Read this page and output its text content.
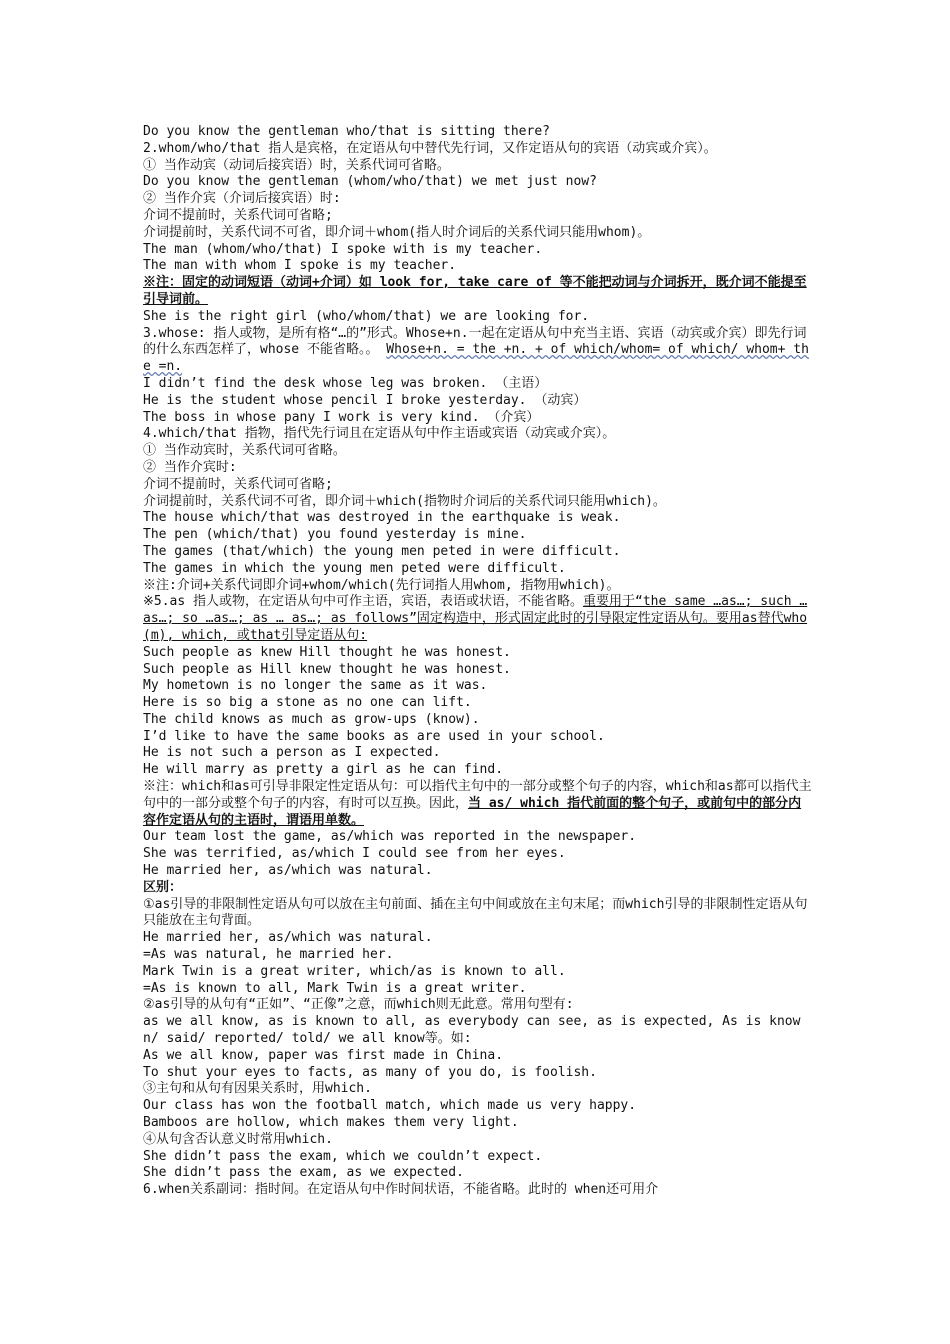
Do you know the gentleman who/that is sitting there?
2.whom/who/that 指人是宾格，在定语从句中替代先行词，又作定语从句的宾语（动宾或介宾）。
① 当作动宾（动词后接宾语）时，关系代词可省略。
Do you know the gentleman (whom/who/that) we met just now?
② 当作介宾（介词后接宾语）时:
介词不提前时，关系代词可省略;
介词提前时，关系代词不可省，即介词＋whom(指人时介词后的关系代词只能用whom)。
The man (whom/who/that) I spoke with is my teacher.
The man with whom I spoke is my teacher.
※注：固定的动词短语（动词+介词）如 look for, take care of 等不能把动词与介词拆开，既介词不能提至引导词前。
She is the right girl (who/whom/that) we are looking for.
3.whose: 指人或物，是所有格“…的”形式。Whose+n.一起在定语从句中充当主语、宾语（动宾或介宾）即先行词的什么东西怎样了，whose 不能省略。。 Whose+n. = the +n. + of which/whom= of which/ whom+ the =n.
I didn’t find the desk whose leg was broken. （主语）
He is the student whose pencil I broke yesterday. （动宾）
The boss in whose pany I work is very kind. （介宾）
4.which/that 指物，指代先行词且在定语从句中作主语或宾语（动宾或介宾）。
① 当作动宾时，关系代词可省略。
② 当作介宾时:
介词不提前时，关系代词可省略;
介词提前时，关系代词不可省，即介词＋which(指物时介词后的关系代词只能用which)。
The house which/that was destroyed in the earthquake is weak.
The pen (which/that) you found yesterday is mine.
The games (that/which) the young men peted in were difficult.
The games in which the young men peted were difficult.
※注:介词+关系代词即介词+whom/which(先行词指人用whom, 指物用which)。
※5.as 指人或物，在定语从句中可作主语，宾语，表语或状语，不能省略。重要用于“the same …as…; such …as…; so …as…; as … as…; as follows”固定构造中，形式固定此时的引导限定性定语从句。要用as替代who(m), which, 或that引导定语从句:
Such people as knew Hill thought he was honest.
Such people as Hill knew thought he was honest.
My hometown is no longer the same as it was.
Here is so big a stone as no one can lift.
The child knows as much as grow-ups (know).
I’d like to have the same books as are used in your school.
He is not such a person as I expected.
He will marry as pretty a girl as he can find.
※注：which和as可引导非限定性定语从句：可以指代主句中的一部分或整个句子的内容，which和as都可以指代主句中的一部分或整个句子的内容，有时可以互换。因此，当 as/ which 指代前面的整个句子，或前句中的部分内容作定语从句的主语时，谓语用单数。
Our team lost the game, as/which was reported in the newspaper.
She was terrified, as/which I could see from her eyes.
He married her, as/which was natural.
区别：
①as引导的非限制性定语从句可以放在主句前面、插在主句中间或放在主句末尾；而which引导的非限制性定语从句只能放在主句背面。
He married her, as/which was natural.
=As was natural, he married her.
Mark Twin is a great writer, which/as is known to all.
=As is known to all, Mark Twin is a great writer.
②as引导的从句有“正如”、“正像”之意，而which则无此意。常用句型有:
as we all know, as is known to all, as everybody can see, as is expected, As is known/ said/ reported/ told/ we all know等。如:
As we all know, paper was first made in China.
To shut your eyes to facts, as many of you do, is foolish.
③主句和从句有因果关系时，用which.
Our class has won the football match, which made us very happy.
Bamboos are hollow, which makes them very light.
④从句含否认意义时常用which.
She didn’t pass the exam, which we couldn’t expect.
She didn’t pass the exam, as we expected.
6.when关系副词：指时间。在定语从句中作时间状语，不能省略。此时的 when还可用介
